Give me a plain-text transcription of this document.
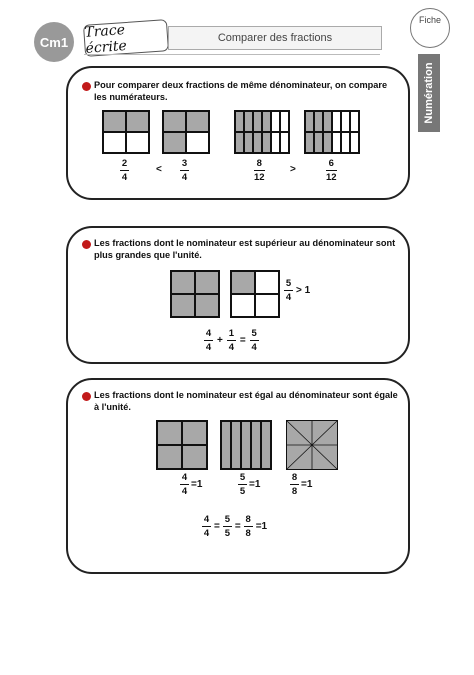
Cm1
Trace écrite	Comparer des fractions
Fiche
Numération
Pour comparer deux fractions de même dénominateur, on compare les numérateurs.
2
4
<
3
4
8
12
>
6
12
Les fractions dont le nominateur est supérieur au dénominateur sont plus grandes que l'unité.
5
4
> 1
$\frac{4}{4} + \frac{1}{4} = \frac{5}{4}$
Les fractions dont le nominateur est égal au dénominateur sont égale à l'unité.
$\frac{4}{4} =1$	$\frac{5}{5} =1$	$\frac{8}{8} =1$
$\frac{4}{4} = \frac{5}{5} = \frac{8}{8} =1$
